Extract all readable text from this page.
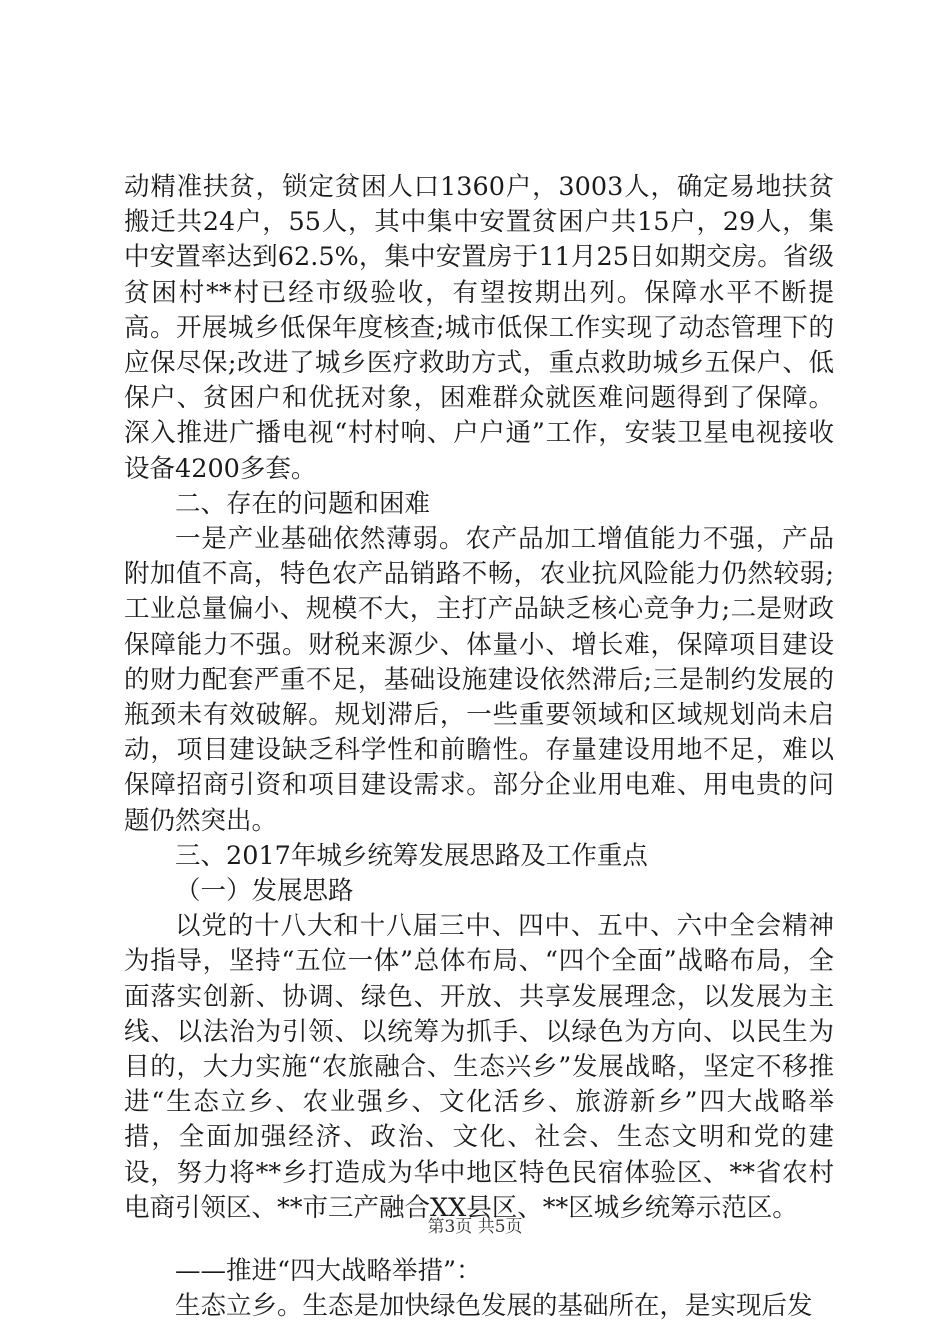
动精准扶贫，锁定贫困人口1360户，3003人，确定易地扶贫搬迁共24户，55人，其中集中安置贫困户共15户，29人，集中安置率达到62.5%，集中安置房于11月25日如期交房。省级贫困村**村已经市级验收，有望按期出列。保障水平不断提高。开展城乡低保年度核查;城市低保工作实现了动态管理下的应保尽保;改进了城乡医疗救助方式，重点救助城乡五保户、低保户、贫困户和优抚对象，困难群众就医难问题得到了保障。深入推进广播电视“村村响、户户通”工作，安装卫星电视接收设备4200多套。

二、存在的问题和困难

一是产业基础依然薄弱。农产品加工增值能力不强，产品附加值不高，特色农产品销路不畅，农业抗风险能力仍然较弱;工业总量偏小、规模不大，主打产品缺乏核心竞争力;二是财政保障能力不强。财税来源少、体量小、增长难，保障项目建设的财力配套严重不足，基础设施建设依然滞后;三是制约发展的瓶颈未有效破解。规划滞后，一些重要领域和区域规划尚未启动，项目建设缺乏科学性和前瞻性。存量建设用地不足，难以保障招商引资和项目建设需求。部分企业用电难、用电贵的问题仍然突出。

三、2017年城乡统筹发展思路及工作重点

（一）发展思路

以党的十八大和十八届三中、四中、五中、六中全会精神为指导，坚持“五位一体”总体布局、“四个全面”战略布局，全面落实创新、协调、绿色、开放、共享发展理念，以发展为主线、以法治为引领、以统筹为抓手、以绿色为方向、以民生为目的，大力实施“农旅融合、生态兴乡”发展战略，坚定不移推进“生态立乡、农业强乡、文化活乡、旅游新乡”四大战略举措，全面加强经济、政治、文化、社会、生态文明和党的建设，努力将**乡打造成为华中地区特色民宿体验区、**省农村电商引领区、**市三产融合XX县区、**区城乡统筹示范区。

——推进“四大战略举措”：

生态立乡。生态是加快绿色发展的基础所在，是实现后发

第3页 共5页
